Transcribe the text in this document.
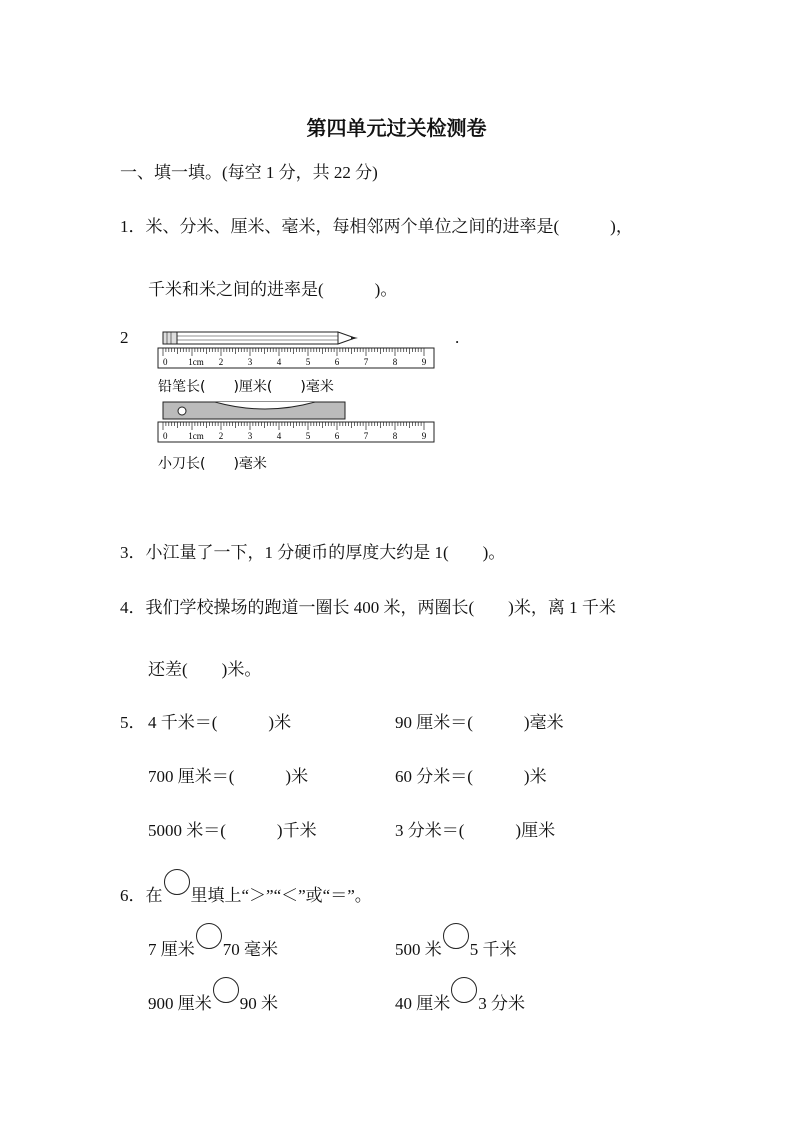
第四单元过关检测卷
一、填一填。(每空 1 分，共 22 分)
1．米、分米、厘米、毫米，每相邻两个单位之间的进率是(　　　)，
千米和米之间的进率是(　　　)。
2	.
0 1cm 2	3	4	5	6	7	8	9
铅笔长(　　)厘米(　　)毫米
0 1cm 2	3	4	5	6	7	8	9
小刀长(　　)毫米
3．小江量了一下，1 分硬币的厚度大约是 1(　　)。
4．我们学校操场的跑道一圈长 400 米，两圈长(　　)米，离 1 千米
还差(　　)米。
5． 4 千米＝(　　　)米	90 厘米＝(　　　)毫米
700 厘米＝(　　　)米	60 分米＝(　　　)米
5000 米＝(　　　)千米	3 分米＝(　　　)厘米
6．在 里填上“＞”“＜”或“＝”。
7 厘米 70 毫米	500 米 5 千米
900 厘米 90 米	40 厘米 3 分米
